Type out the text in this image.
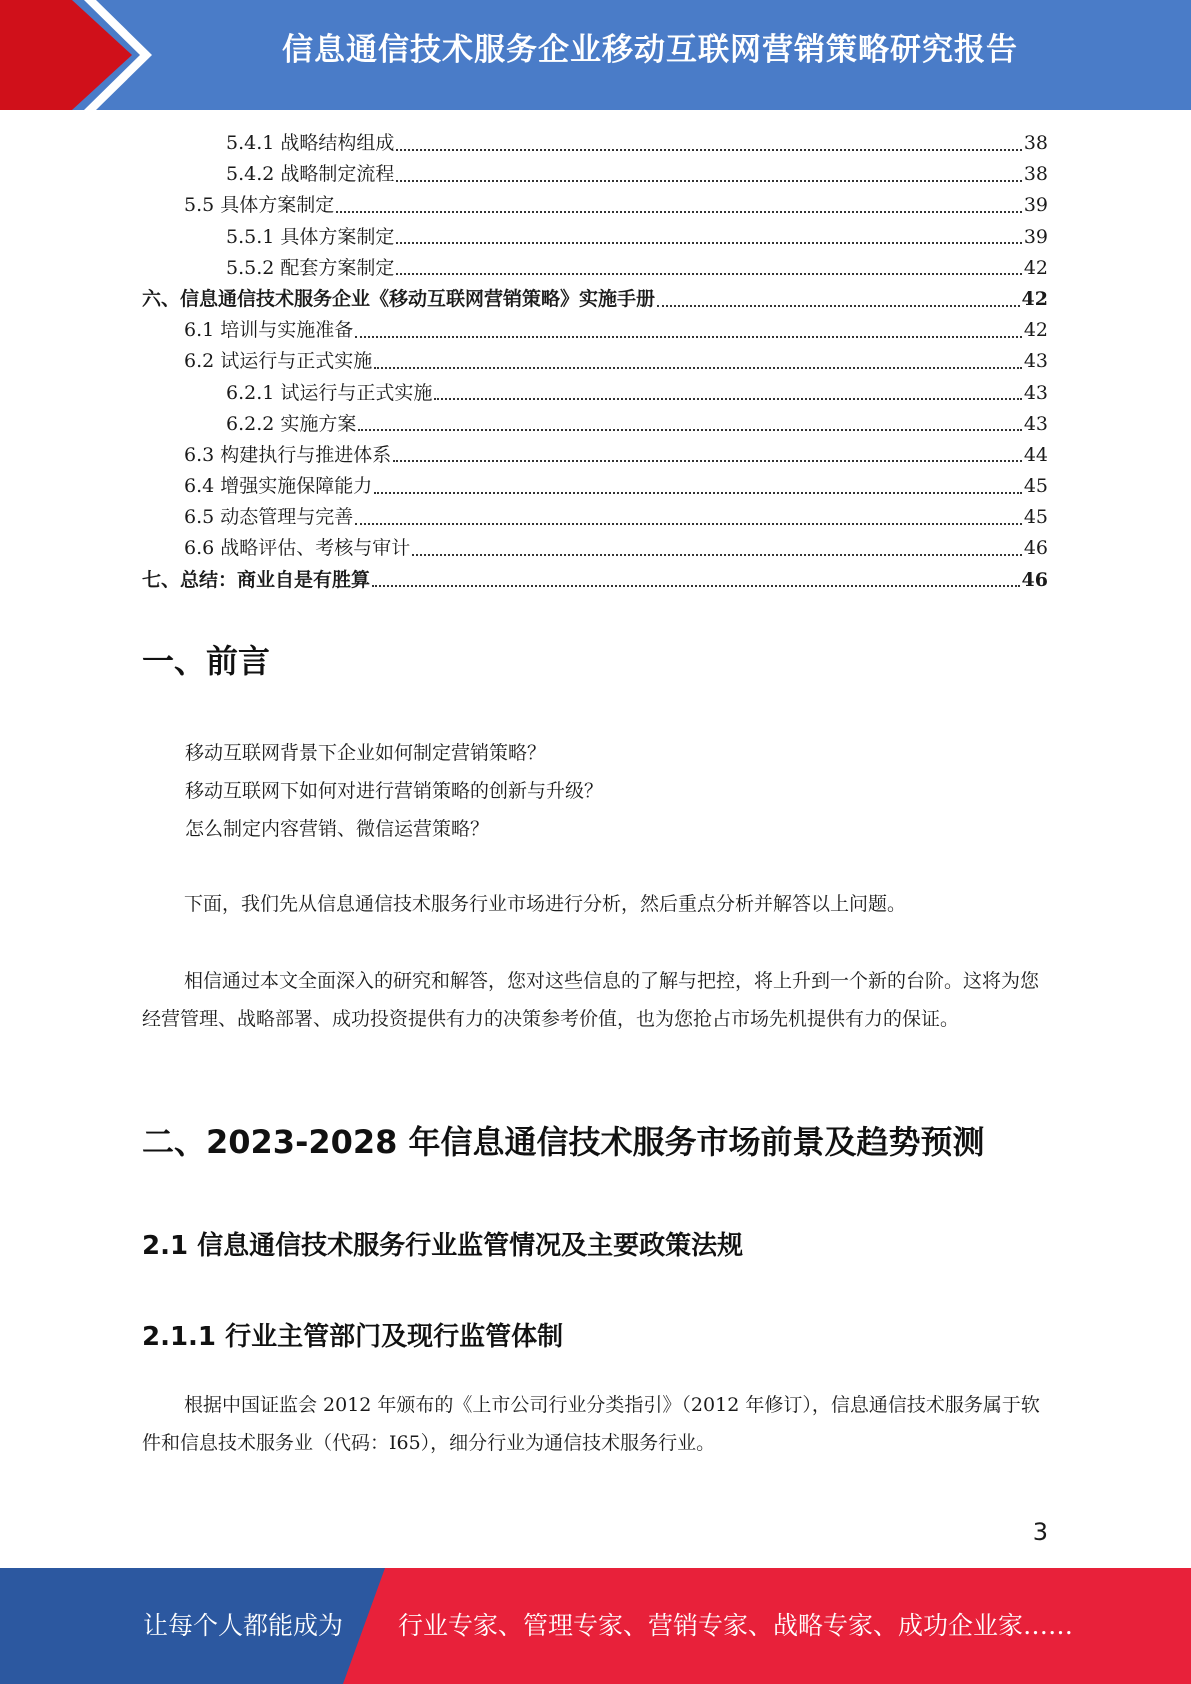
信息通信技术服务企业移动互联网营销策略研究报告
5.4.1 战略结构组成	38
5.4.2 战略制定流程	38
5.5 具体方案制定	39
5.5.1 具体方案制定	39
5.5.2 配套方案制定	42
六、信息通信技术服务企业《移动互联网营销策略》实施手册	42
6.1 培训与实施准备	42
6.2 试运行与正式实施	43
6.2.1 试运行与正式实施	43
6.2.2 实施方案	43
6.3 构建执行与推进体系	44
6.4 增强实施保障能力	45
6.5 动态管理与完善	45
6.6 战略评估、考核与审计	46
七、总结：商业自是有胜算	46
一、前言
移动互联网背景下企业如何制定营销策略？
移动互联网下如何对进行营销策略的创新与升级？
怎么制定内容营销、微信运营策略？
下面，我们先从信息通信技术服务行业市场进行分析，然后重点分析并解答以上问题。
相信通过本文全面深入的研究和解答，您对这些信息的了解与把控，将上升到一个新的台阶。这将为您经营管理、战略部署、成功投资提供有力的决策参考价值，也为您抢占市场先机提供有力的保证。
二、2023-2028 年信息通信技术服务市场前景及趋势预测
2.1 信息通信技术服务行业监管情况及主要政策法规
2.1.1 行业主管部门及现行监管体制
根据中国证监会 2012 年颁布的《上市公司行业分类指引》（2012 年修订），信息通信技术服务属于软件和信息技术服务业（代码：I65），细分行业为通信技术服务行业。
3
让每个人都能成为 行业专家、管理专家、营销专家、战略专家、成功企业家……
